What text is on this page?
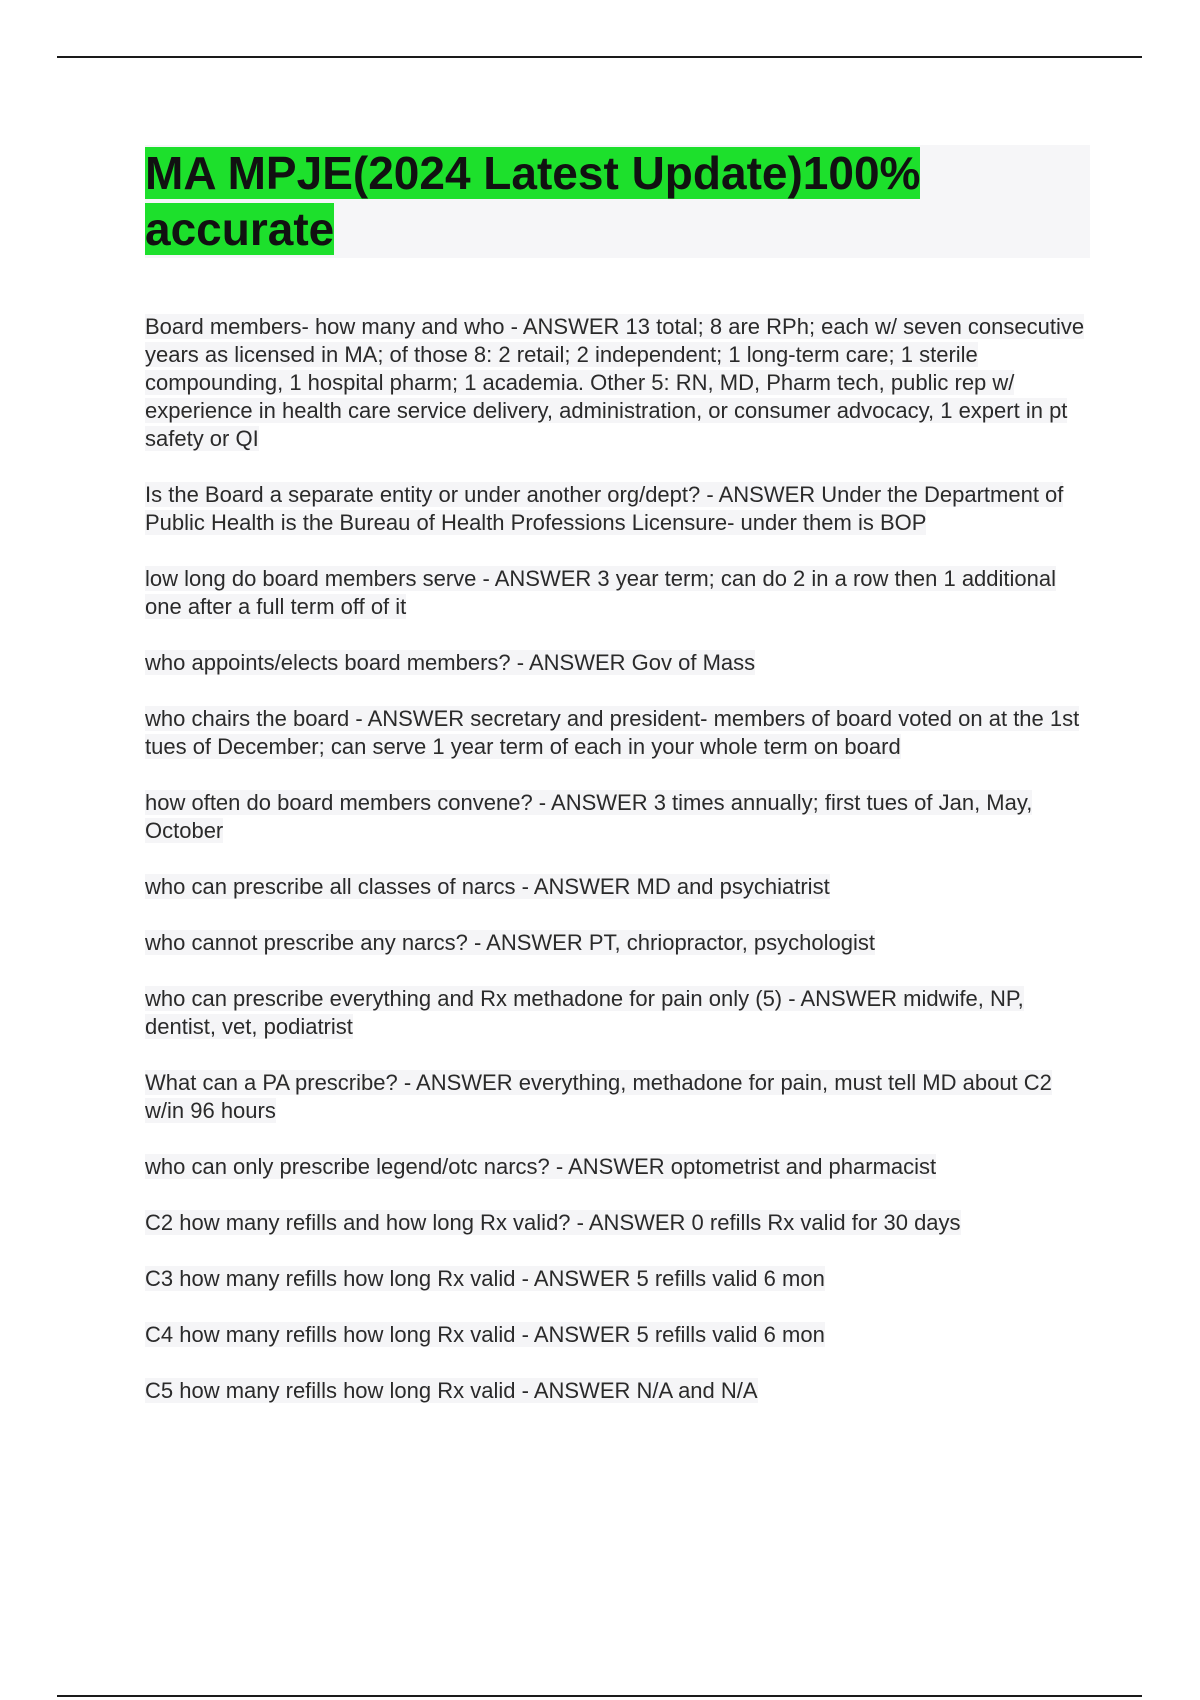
MA MPJE(2024 Latest Update)100% accurate

Board members- how many and who - ANSWER 13 total; 8 are RPh; each w/ seven consecutive years as licensed in MA; of those 8: 2 retail; 2 independent; 1 long-term care; 1 sterile compounding, 1 hospital pharm; 1 academia. Other 5: RN, MD, Pharm tech, public rep w/ experience in health care service delivery, administration, or consumer advocacy, 1 expert in pt safety or QI

Is the Board a separate entity or under another org/dept? - ANSWER Under the Department of Public Health is the Bureau of Health Professions Licensure- under them is BOP

low long do board members serve - ANSWER 3 year term; can do 2 in a row then 1 additional one after a full term off of it

who appoints/elects board members? - ANSWER Gov of Mass

who chairs the board - ANSWER secretary and president- members of board voted on at the 1st tues of December; can serve 1 year term of each in your whole term on board

how often do board members convene? - ANSWER 3 times annually; first tues of Jan, May, October

who can prescribe all classes of narcs - ANSWER MD and psychiatrist

who cannot prescribe any narcs? - ANSWER PT, chriopractor, psychologist

who can prescribe everything and Rx methadone for pain only (5) - ANSWER midwife, NP, dentist, vet, podiatrist

What can a PA prescribe? - ANSWER everything, methadone for pain, must tell MD about C2 w/in 96 hours

who can only prescribe legend/otc narcs? - ANSWER optometrist and pharmacist

C2 how many refills and how long Rx valid? - ANSWER 0 refills Rx valid for 30 days

C3 how many refills how long Rx valid - ANSWER 5 refills valid 6 mon

C4 how many refills how long Rx valid - ANSWER 5 refills valid 6 mon

C5 how many refills how long Rx valid - ANSWER N/A and N/A
